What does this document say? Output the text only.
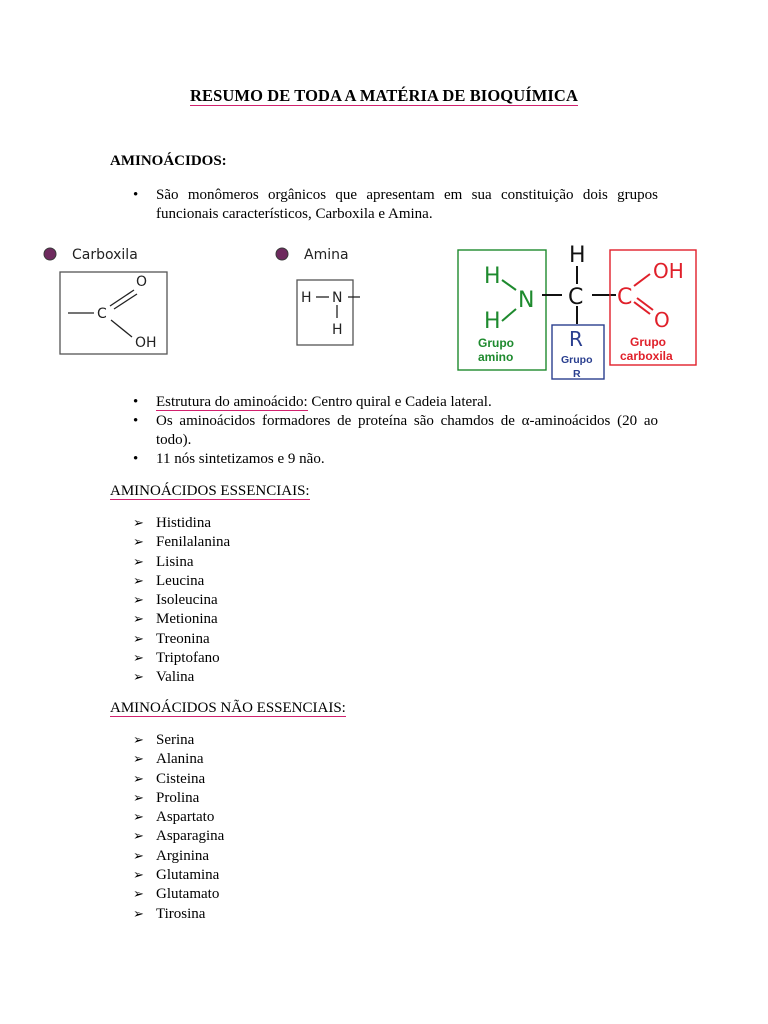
RESUMO DE TODA A MATÉRIA DE BIOQUÍMICA
AMINOÁCIDOS:
• São monômeros orgânicos que apresentam em sua constituição dois grupos funcionais característicos, Carboxila e Amina.
Carboxila
O
C
OH
Amina
H N
H
H
H
N
Grupo
amino
H
C
R
Grupo
R
C
OH
O
Grupo
carboxila
• Estrutura do aminoácido: Centro quiral e Cadeia lateral.
• Os aminoácidos formadores de proteína são chamdos de α-aminoácidos (20 ao todo).
• 11 nós sintetizamos e 9 não.
AMINOÁCIDOS ESSENCIAIS:
➢ Histidina
➢ Fenilalanina
➢ Lisina
➢ Leucina
➢ Isoleucina
➢ Metionina
➢ Treonina
➢ Triptofano
➢ Valina
AMINOÁCIDOS NÃO ESSENCIAIS:
➢ Serina
➢ Alanina
➢ Cisteina
➢ Prolina
➢ Aspartato
➢ Asparagina
➢ Arginina
➢ Glutamina
➢ Glutamato
➢ Tirosina
